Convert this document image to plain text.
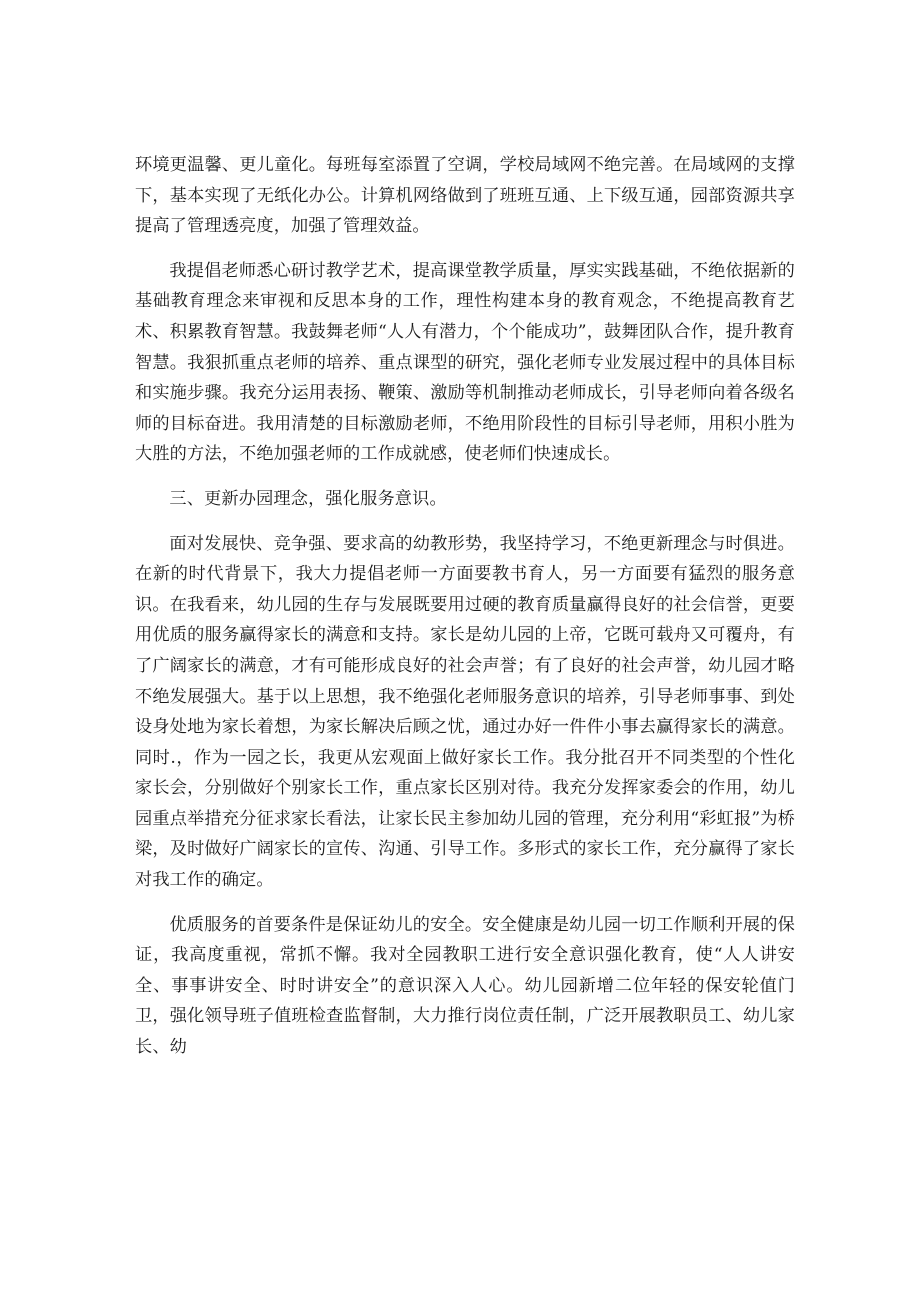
环境更温馨、更儿童化。每班每室添置了空调，学校局域网不绝完善。在局域网的支撑下，基本实现了无纸化办公。计算机网络做到了班班互通、上下级互通，园部资源共享提高了管理透亮度，加强了管理效益。

我提倡老师悉心研讨教学艺术，提高课堂教学质量，厚实实践基础，不绝依据新的基础教育理念来审视和反思本身的工作，理性构建本身的教育观念，不绝提高教育艺术、积累教育智慧。我鼓舞老师“人人有潜力，个个能成功”，鼓舞团队合作，提升教育智慧。我狠抓重点老师的培养、重点课型的研究，强化老师专业发展过程中的具体目标和实施步骤。我充分运用表扬、鞭策、激励等机制推动老师成长，引导老师向着各级名师的目标奋进。我用清楚的目标激励老师，不绝用阶段性的目标引导老师，用积小胜为大胜的方法，不绝加强老师的工作成就感，使老师们快速成长。

三、更新办园理念，强化服务意识。

面对发展快、竞争强、要求高的幼教形势，我坚持学习，不绝更新理念与时俱进。在新的时代背景下，我大力提倡老师一方面要教书育人，另一方面要有猛烈的服务意识。在我看来，幼儿园的生存与发展既要用过硬的教育质量赢得良好的社会信誉，更要用优质的服务赢得家长的满意和支持。家长是幼儿园的上帝，它既可载舟又可覆舟，有了广阔家长的满意，才有可能形成良好的社会声誉；有了良好的社会声誉，幼儿园才略不绝发展强大。基于以上思想，我不绝强化老师服务意识的培养，引导老师事事、到处设身处地为家长着想，为家长解决后顾之忧，通过办好一件件小事去赢得家长的满意。同时.，作为一园之长，我更从宏观面上做好家长工作。我分批召开不同类型的个性化家长会，分别做好个别家长工作，重点家长区别对待。我充分发挥家委会的作用，幼儿园重点举措充分征求家长看法，让家长民主参加幼儿园的管理，充分利用“彩虹报”为桥梁，及时做好广阔家长的宣传、沟通、引导工作。多形式的家长工作，充分赢得了家长对我工作的确定。

优质服务的首要条件是保证幼儿的安全。安全健康是幼儿园一切工作顺利开展的保证，我高度重视，常抓不懈。我对全园教职工进行安全意识强化教育，使“人人讲安全、事事讲安全、时时讲安全”的意识深入人心。幼儿园新增二位年轻的保安轮值门卫，强化领导班子值班检查监督制，大力推行岗位责任制，广泛开展教职员工、幼儿家长、幼
